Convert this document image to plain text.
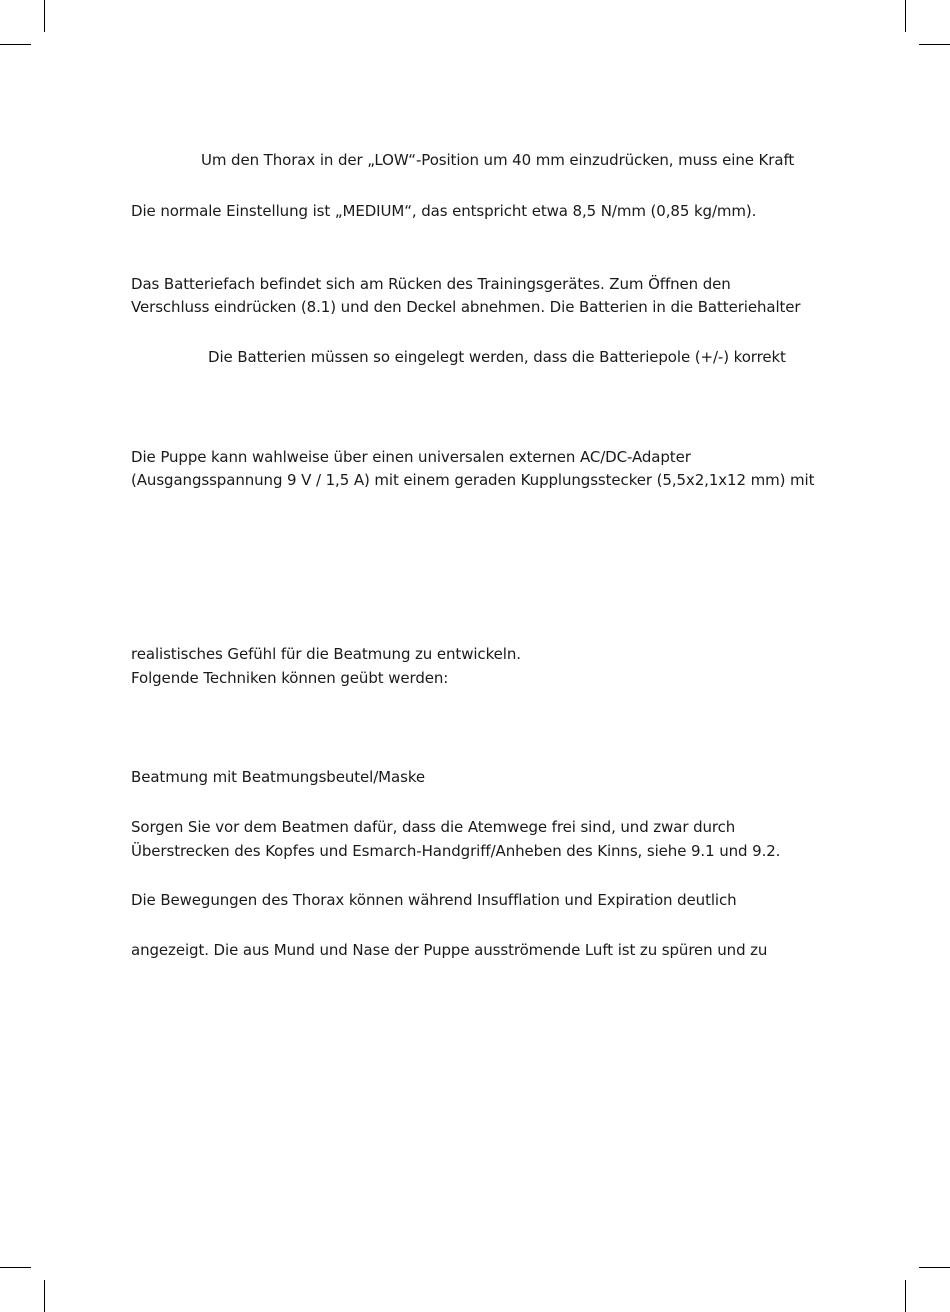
Um den Thorax in der „LOW“-Position um 40 mm einzudrücken, muss eine Kraft
Die normale Einstellung ist „MEDIUM“, das entspricht etwa 8,5 N/mm (0,85 kg/mm).
Das Batteriefach befindet sich am Rücken des Trainingsgerätes. Zum Öffnen den
Verschluss eindrücken (8.1) und den Deckel abnehmen. Die Batterien in die Batteriehalter
Die Batterien müssen so eingelegt werden, dass die Batteriepole (+/-) korrekt
Die Puppe kann wahlweise über einen universalen externen AC/DC-Adapter
(Ausgangsspannung 9 V / 1,5 A) mit einem geraden Kupplungsstecker (5,5x2,1x12 mm) mit
realistisches Gefühl für die Beatmung zu entwickeln.
Folgende Techniken können geübt werden:
Beatmung mit Beatmungsbeutel/Maske
Sorgen Sie vor dem Beatmen dafür, dass die Atemwege frei sind, und zwar durch
Überstrecken des Kopfes und Esmarch-Handgriff/Anheben des Kinns, siehe 9.1 und 9.2.
Die Bewegungen des Thorax können während Insufflation und Expiration deutlich
angezeigt. Die aus Mund und Nase der Puppe ausströmende Luft ist zu spüren und zu
